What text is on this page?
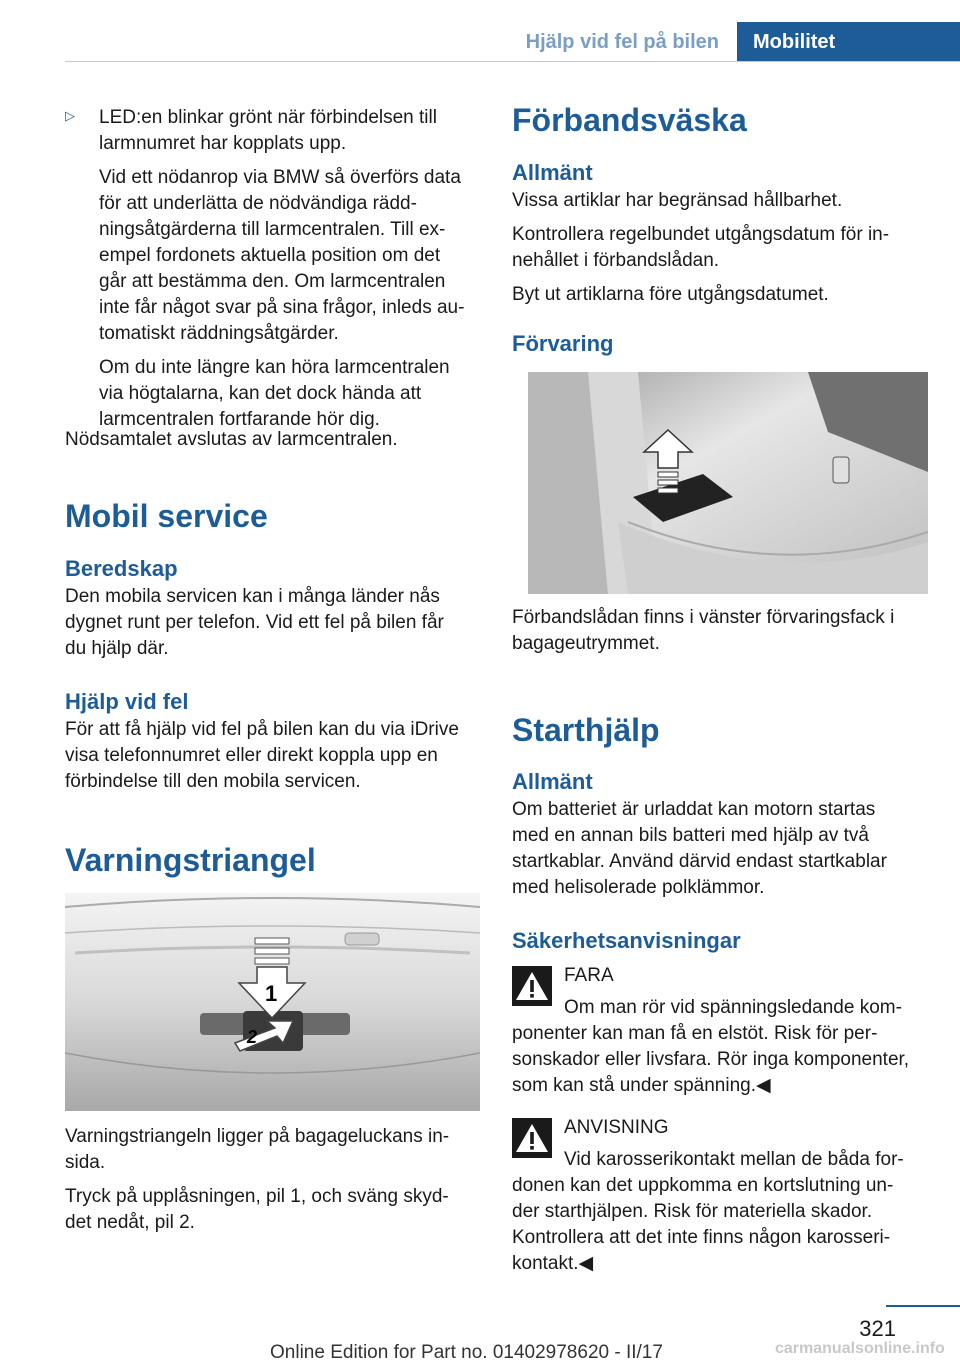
Hjälp vid fel på bilen	Mobilitet
▷ LED:en blinkar grönt när förbindelsen till

larmnumret har kopplats upp.

Vid ett nödanrop via BMW så överförs data

för att underlätta de nödvändiga rädd‐

ningsåtgärderna till larmcentralen. Till ex‐

empel fordonets aktuella position om det

går att bestämma den. Om larmcentralen

inte får något svar på sina frågor, inleds au‐

tomatiskt räddningsåtgärder.

Om du inte längre kan höra larmcentralen

via högtalarna, kan det dock hända att

larmcentralen fortfarande hör dig.

Nödsamtalet avslutas av larmcentralen.

Mobil service

Beredskap

Den mobila servicen kan i många länder nås

dygnet runt per telefon. Vid ett fel på bilen får

du hjälp där.

Hjälp vid fel

För att få hjälp vid fel på bilen kan du via iDrive

visa telefonnumret eller direkt koppla upp en

förbindelse till den mobila servicen.

Varningstriangel

1
2

Varningstriangeln ligger på bagageluckans in‐

sida.

Tryck på upplåsningen, pil 1, och sväng skyd‐

det nedåt, pil 2.

Förbandsväska

Allmänt

Vissa artiklar har begränsad hållbarhet.

Kontrollera regelbundet utgångsdatum för in‐

nehållet i förbandslådan.

Byt ut artiklarna före utgångsdatumet.

Förvaring

Förbandslådan finns i vänster förvaringsfack i

bagageutrymmet.

Starthjälp

Allmänt

Om batteriet är urladdat kan motorn startas

med en annan bils batteri med hjälp av två

startkablar. Använd därvid endast startkablar

med helisolerade polklämmor.

Säkerhetsanvisningar

FARA

Om man rör vid spänningsledande kom‐

ponenter kan man få en elstöt. Risk för per‐

sonskador eller livsfara. Rör inga komponenter,

som kan stå under spänning.◀

ANVISNING

Vid karosserikontakt mellan de båda for‐

donen kan det uppkomma en kortslutning un‐

der starthjälpen. Risk för materiella skador.

Kontrollera att det inte finns någon karosseri‐

kontakt.◀

321
Online Edition for Part no. 01402978620 - II/17	carmanualsonline.info
